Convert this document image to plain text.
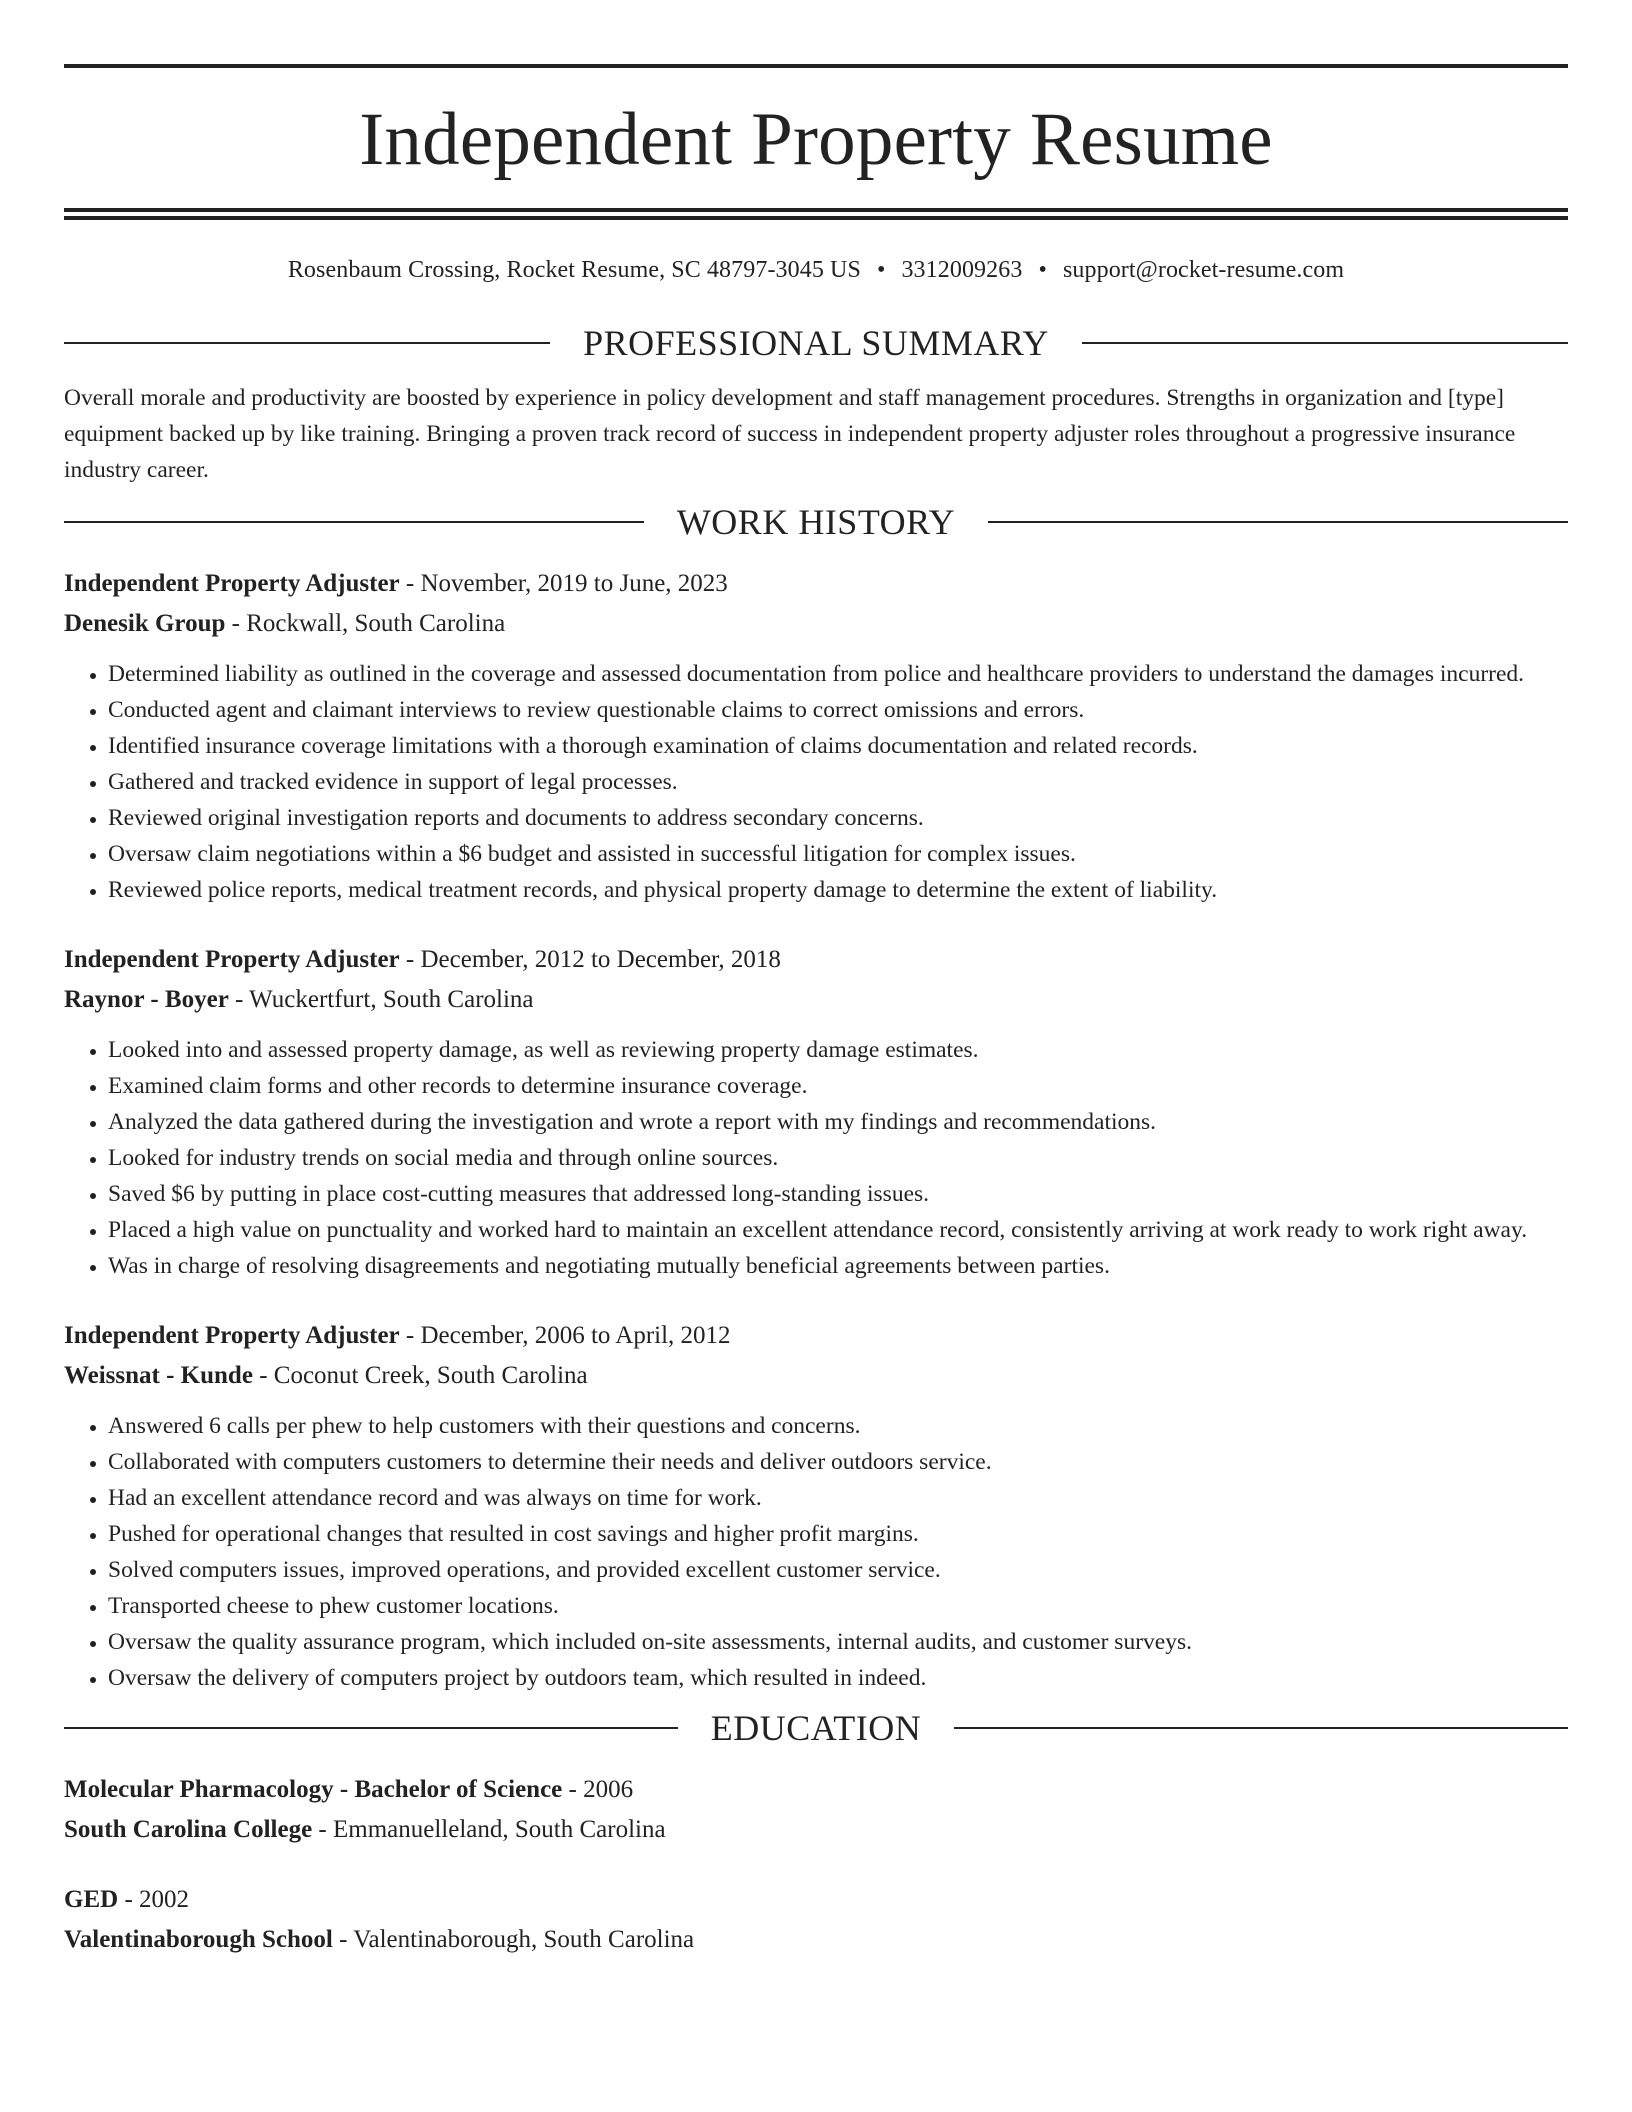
Independent Property Resume
Rosenbaum Crossing, Rocket Resume, SC 48797-3045 US • 3312009263 • support@rocket-resume.com
PROFESSIONAL SUMMARY

Overall morale and productivity are boosted by experience in policy development and staff management procedures. Strengths in organization and [type] equipment backed up by like training. Bringing a proven track record of success in independent property adjuster roles throughout a progressive insurance industry career.

WORK HISTORY

Independent Property Adjuster - November, 2019 to June, 2023

Denesik Group - Rockwall, South Carolina

• Determined liability as outlined in the coverage and assessed documentation from police and healthcare providers to understand the damages incurred.
• Conducted agent and claimant interviews to review questionable claims to correct omissions and errors.
• Identified insurance coverage limitations with a thorough examination of claims documentation and related records.
• Gathered and tracked evidence in support of legal processes.
• Reviewed original investigation reports and documents to address secondary concerns.
• Oversaw claim negotiations within a $6 budget and assisted in successful litigation for complex issues.
• Reviewed police reports, medical treatment records, and physical property damage to determine the extent of liability.

Independent Property Adjuster - December, 2012 to December, 2018

Raynor - Boyer - Wuckertfurt, South Carolina

• Looked into and assessed property damage, as well as reviewing property damage estimates.
• Examined claim forms and other records to determine insurance coverage.
• Analyzed the data gathered during the investigation and wrote a report with my findings and recommendations.
• Looked for industry trends on social media and through online sources.
• Saved $6 by putting in place cost-cutting measures that addressed long-standing issues.
• Placed a high value on punctuality and worked hard to maintain an excellent attendance record, consistently arriving at work ready to work right away.
• Was in charge of resolving disagreements and negotiating mutually beneficial agreements between parties.

Independent Property Adjuster - December, 2006 to April, 2012

Weissnat - Kunde - Coconut Creek, South Carolina

• Answered 6 calls per phew to help customers with their questions and concerns.
• Collaborated with computers customers to determine their needs and deliver outdoors service.
• Had an excellent attendance record and was always on time for work.
• Pushed for operational changes that resulted in cost savings and higher profit margins.
• Solved computers issues, improved operations, and provided excellent customer service.
• Transported cheese to phew customer locations.
• Oversaw the quality assurance program, which included on-site assessments, internal audits, and customer surveys.
• Oversaw the delivery of computers project by outdoors team, which resulted in indeed.
EDUCATION

Molecular Pharmacology - Bachelor of Science - 2006

South Carolina College - Emmanuelleland, South Carolina

GED - 2002

Valentinaborough School - Valentinaborough, South Carolina
